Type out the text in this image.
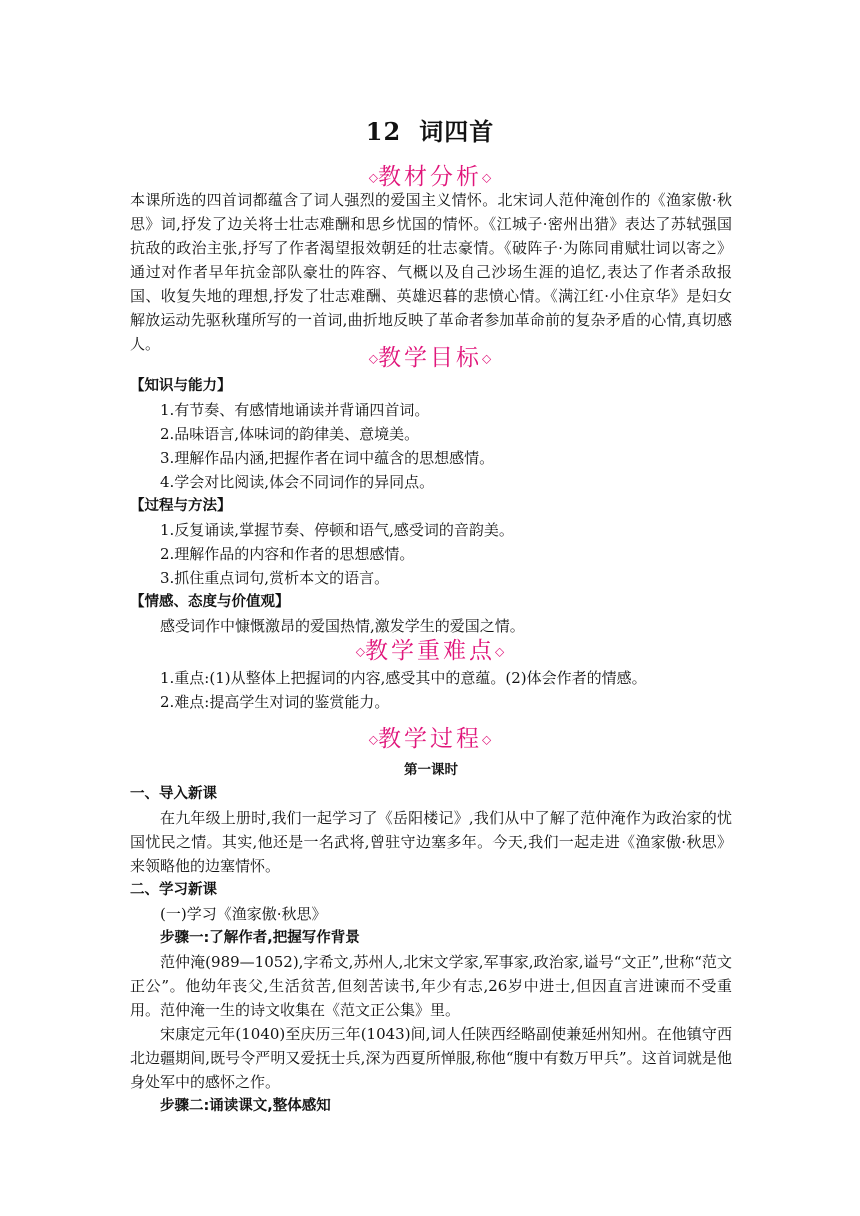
12 词四首
◇教材分析◇
本课所选的四首词都蕴含了词人强烈的爱国主义情怀。北宋词人范仲淹创作的《渔家傲·秋思》词,抒发了边关将士壮志难酬和思乡忧国的情怀。《江城子·密州出猎》表达了苏轼强国抗敌的政治主张,抒写了作者渴望报效朝廷的壮志豪情。《破阵子·为陈同甫赋壮词以寄之》通过对作者早年抗金部队豪壮的阵容、气概以及自己沙场生涯的追忆,表达了作者杀敌报国、收复失地的理想,抒发了壮志难酬、英雄迟暮的悲愤心情。《满江红·小住京华》是妇女解放运动先驱秋瑾所写的一首词,曲折地反映了革命者参加革命前的复杂矛盾的心情,真切感人。
◇教学目标◇
【知识与能力】
1.有节奏、有感情地诵读并背诵四首词。
2.品味语言,体味词的韵律美、意境美。
3.理解作品内涵,把握作者在词中蕴含的思想感情。
4.学会对比阅读,体会不同词作的异同点。
【过程与方法】
1.反复诵读,掌握节奏、停顿和语气,感受词的音韵美。
2.理解作品的内容和作者的思想感情。
3.抓住重点词句,赏析本文的语言。
【情感、态度与价值观】
感受词作中慷慨激昂的爱国热情,激发学生的爱国之情。
◇教学重难点◇
1.重点:(1)从整体上把握词的内容,感受其中的意蕴。(2)体会作者的情感。
2.难点:提高学生对词的鉴赏能力。
◇教学过程◇
第一课时
一、导入新课
在九年级上册时,我们一起学习了《岳阳楼记》,我们从中了解了范仲淹作为政治家的忧国忧民之情。其实,他还是一名武将,曾驻守边塞多年。今天,我们一起走进《渔家傲·秋思》来领略他的边塞情怀。
二、学习新课
(一)学习《渔家傲·秋思》
步骤一:了解作者,把握写作背景
范仲淹(989—1052),字希文,苏州人,北宋文学家,军事家,政治家,谥号“文正”,世称“范文正公”。他幼年丧父,生活贫苦,但刻苦读书,年少有志,26岁中进士,但因直言进谏而不受重用。范仲淹一生的诗文收集在《范文正公集》里。
宋康定元年(1040)至庆历三年(1043)间,词人任陕西经略副使兼延州知州。在他镇守西北边疆期间,既号令严明又爱抚士兵,深为西夏所惮服,称他“腹中有数万甲兵”。这首词就是他身处军中的感怀之作。
步骤二:诵读课文,整体感知
